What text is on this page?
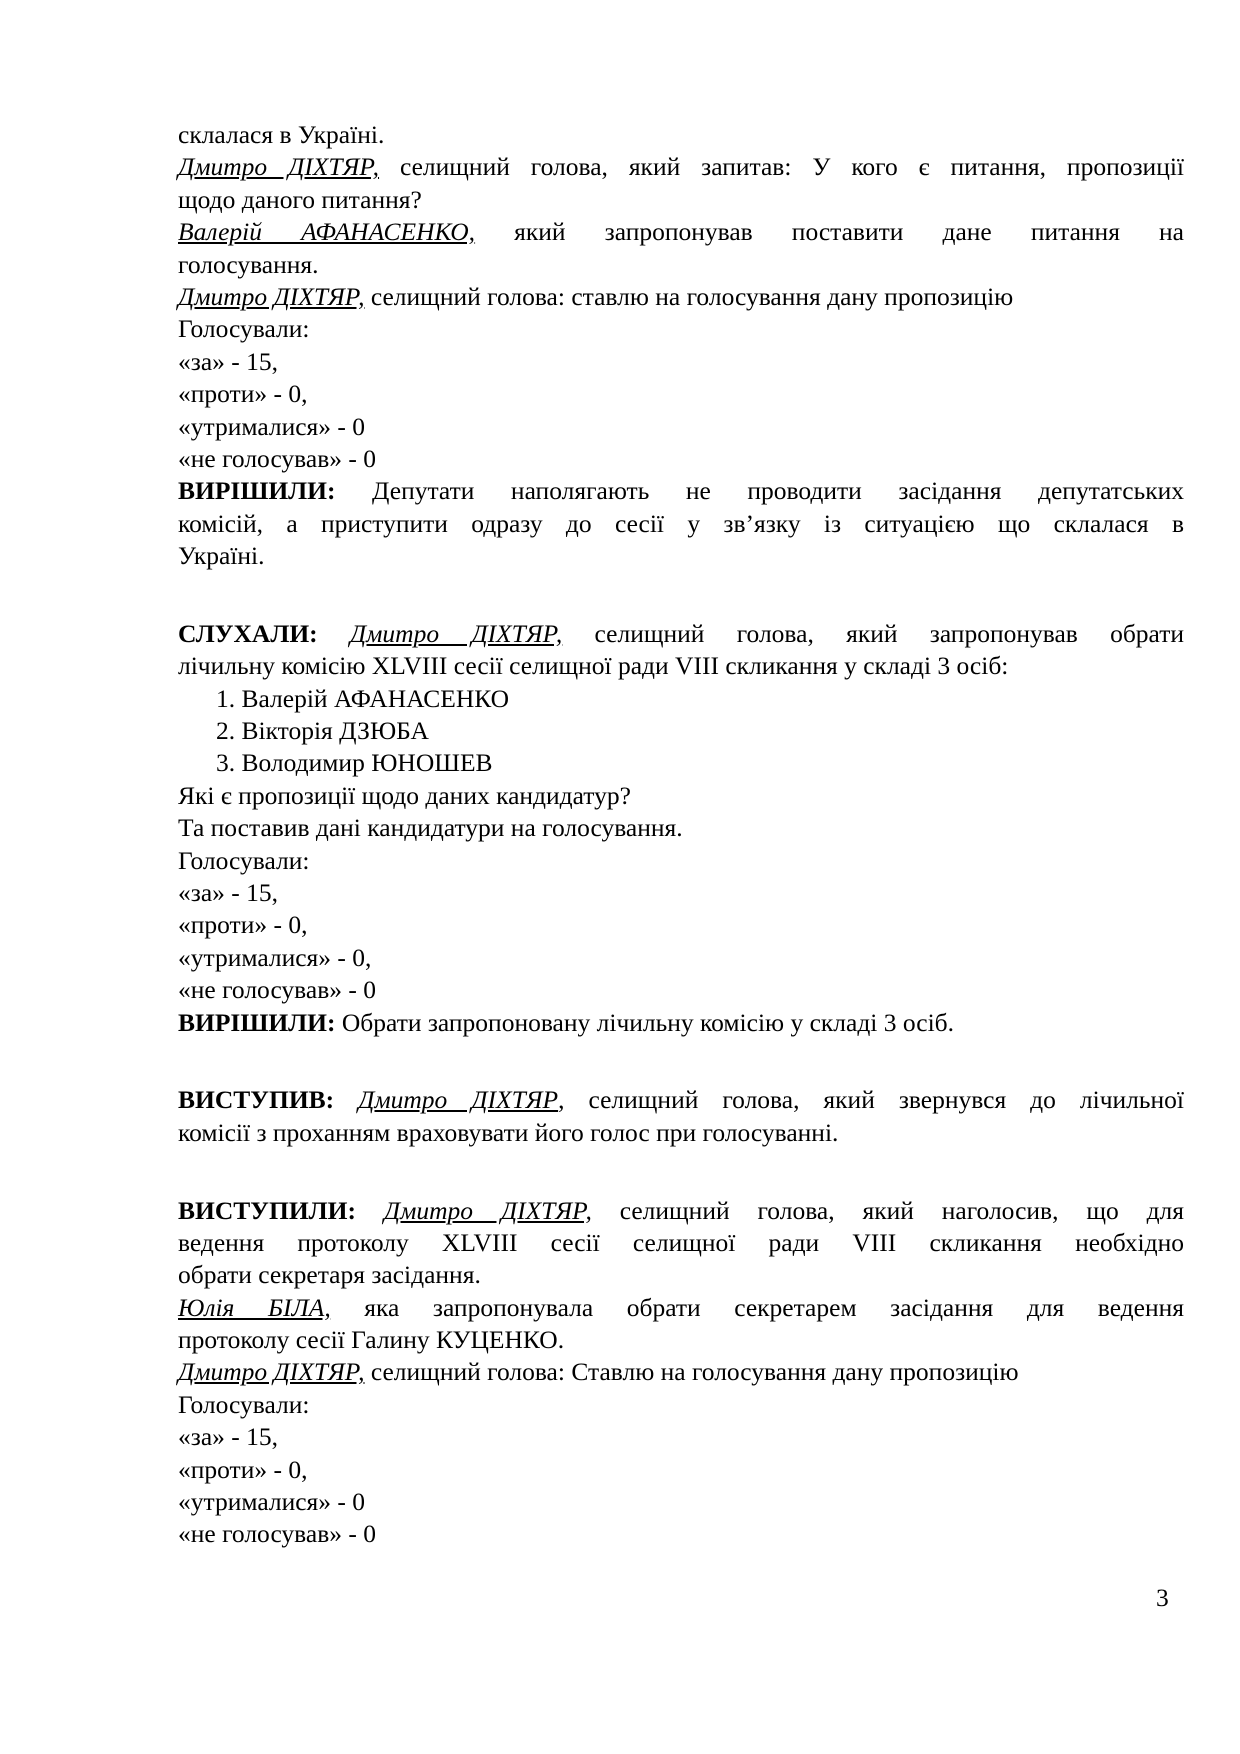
склалася в Україні.
Дмитро ДІХТЯР, селищний голова, який запитав: У кого є питання, пропозиції
щодо даного питання?
Валерій АФАНАСЕНКО, який запропонував поставити дане питання на
голосування.
Дмитро ДІХТЯР, селищний голова: ставлю на голосування дану пропозицію
Голосували:
«за» - 15,
«проти» - 0,
«утрималися» - 0
«не голосував» - 0
ВИРІШИЛИ: Депутати наполягають не проводити засідання депутатських
комісій, а приступити одразу до сесії у зв’язку із ситуацією що склалася в
Україні.
СЛУХАЛИ: Дмитро ДІХТЯР, селищний голова, який запропонував обрати
лічильну комісію XLVIII сесії селищної ради VIII скликання у складі 3 осіб:
1. Валерій АФАНАСЕНКО
2. Вікторія ДЗЮБА
3. Володимир ЮНОШЕВ
Які є пропозиції щодо даних кандидатур?
Та поставив дані кандидатури на голосування.
Голосували:
«за» - 15,
«проти» - 0,
«утрималися» - 0,
«не голосував» - 0
ВИРІШИЛИ: Обрати запропоновану лічильну комісію у складі 3 осіб.
ВИСТУПИВ: Дмитро ДІХТЯР, селищний голова, який звернувся до лічильної
комісії з проханням враховувати його голос при голосуванні.
ВИСТУПИЛИ: Дмитро ДІХТЯР, селищний голова, який наголосив, що для
ведення протоколу XLVIII сесії селищної ради VIII скликання необхідно
обрати секретаря засідання.
Юлія БІЛА, яка запропонувала обрати секретарем засідання для ведення
протоколу сесії Галину КУЦЕНКО.
Дмитро ДІХТЯР, селищний голова: Ставлю на голосування дану пропозицію
Голосували:
«за» - 15,
«проти» - 0,
«утрималися» - 0
«не голосував» - 0
3
